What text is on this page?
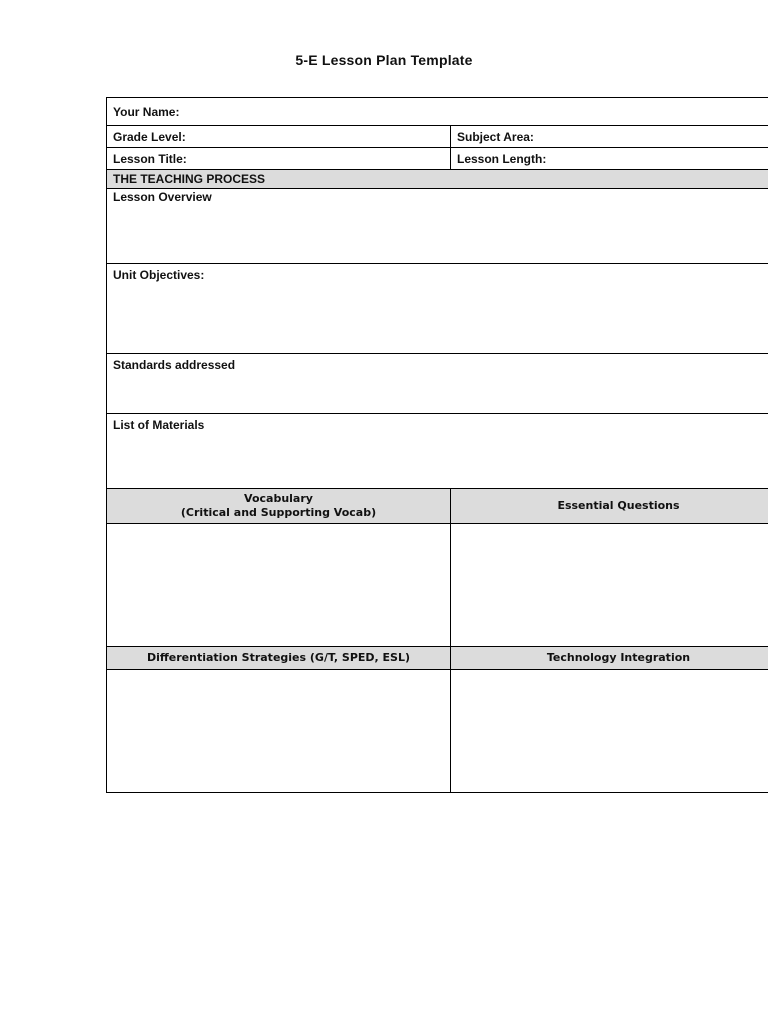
5-E Lesson Plan Template
Your Name:	
Grade Level:	Subject Area:
Lesson Title:	Lesson Length:
THE TEACHING PROCESS	

Lesson Overview	

Unit Objectives:	

Standards addressed	

List of Materials	

Vocabulary
(Critical and Supporting Vocab)	Essential Questions

Differentiation Strategies (G/T, SPED, ESL)	Technology Integration
